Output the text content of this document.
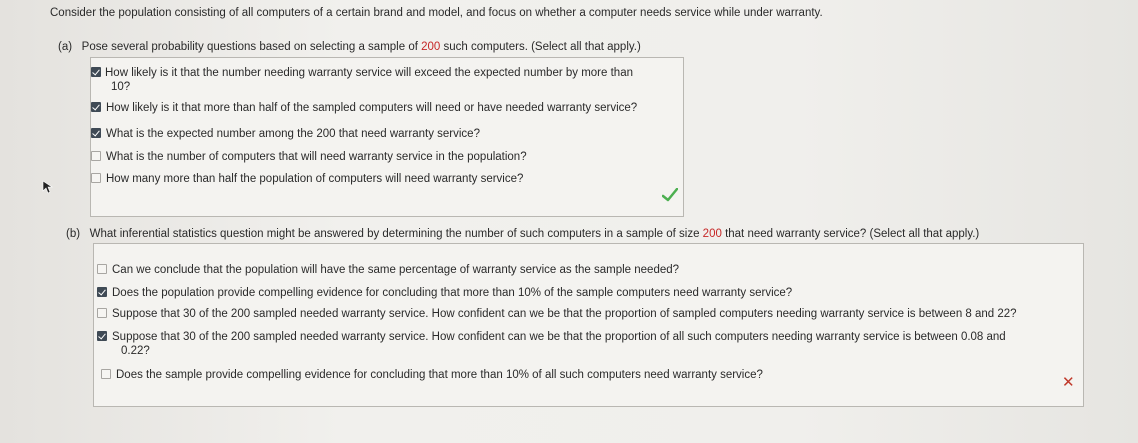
Consider the population consisting of all computers of a certain brand and model, and focus on whether a computer needs service while under warranty.
(a) Pose several probability questions based on selecting a sample of 200 such computers. (Select all that apply.)
How likely is it that the number needing warranty service will exceed the expected number by more than
10?
How likely is it that more than half of the sampled computers will need or have needed warranty service?
What is the expected number among the 200 that need warranty service?
What is the number of computers that will need warranty service in the population?
How many more than half the population of computers will need warranty service?
(b) What inferential statistics question might be answered by determining the number of such computers in a sample of size 200 that need warranty service? (Select all that apply.)
Can we conclude that the population will have the same percentage of warranty service as the sample needed?
Does the population provide compelling evidence for concluding that more than 10% of the sample computers need warranty service?
Suppose that 30 of the 200 sampled needed warranty service. How confident can we be that the proportion of sampled computers needing warranty service is between 8 and 22?
Suppose that 30 of the 200 sampled needed warranty service. How confident can we be that the proportion of all such computers needing warranty service is between 0.08 and
0.22?
Does the sample provide compelling evidence for concluding that more than 10% of all such computers need warranty service?	✕
